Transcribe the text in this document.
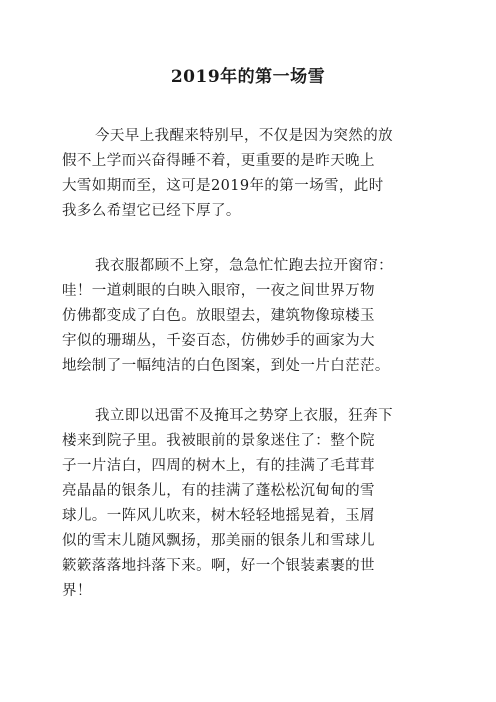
2019年的第一场雪
今天早上我醒来特别早，不仅是因为突然的放
假不上学而兴奋得睡不着，更重要的是昨天晚上
大雪如期而至，这可是2019年的第一场雪，此时
我多么希望它已经下厚了。
我衣服都顾不上穿，急急忙忙跑去拉开窗帘：
哇！一道刺眼的白映入眼帘，一夜之间世界万物
仿佛都变成了白色。放眼望去，建筑物像琼楼玉
宇似的珊瑚丛，千姿百态，仿佛妙手的画家为大
地绘制了一幅纯洁的白色图案，到处一片白茫茫。
我立即以迅雷不及掩耳之势穿上衣服，狂奔下
楼来到院子里。我被眼前的景象迷住了：整个院
子一片洁白，四周的树木上，有的挂满了毛茸茸
亮晶晶的银条儿，有的挂满了蓬松松沉甸甸的雪
球儿。一阵风儿吹来，树木轻轻地摇晃着，玉屑
似的雪末儿随风飘扬，那美丽的银条儿和雪球儿
簌簌落落地抖落下来。啊，好一个银装素裹的世
界！
